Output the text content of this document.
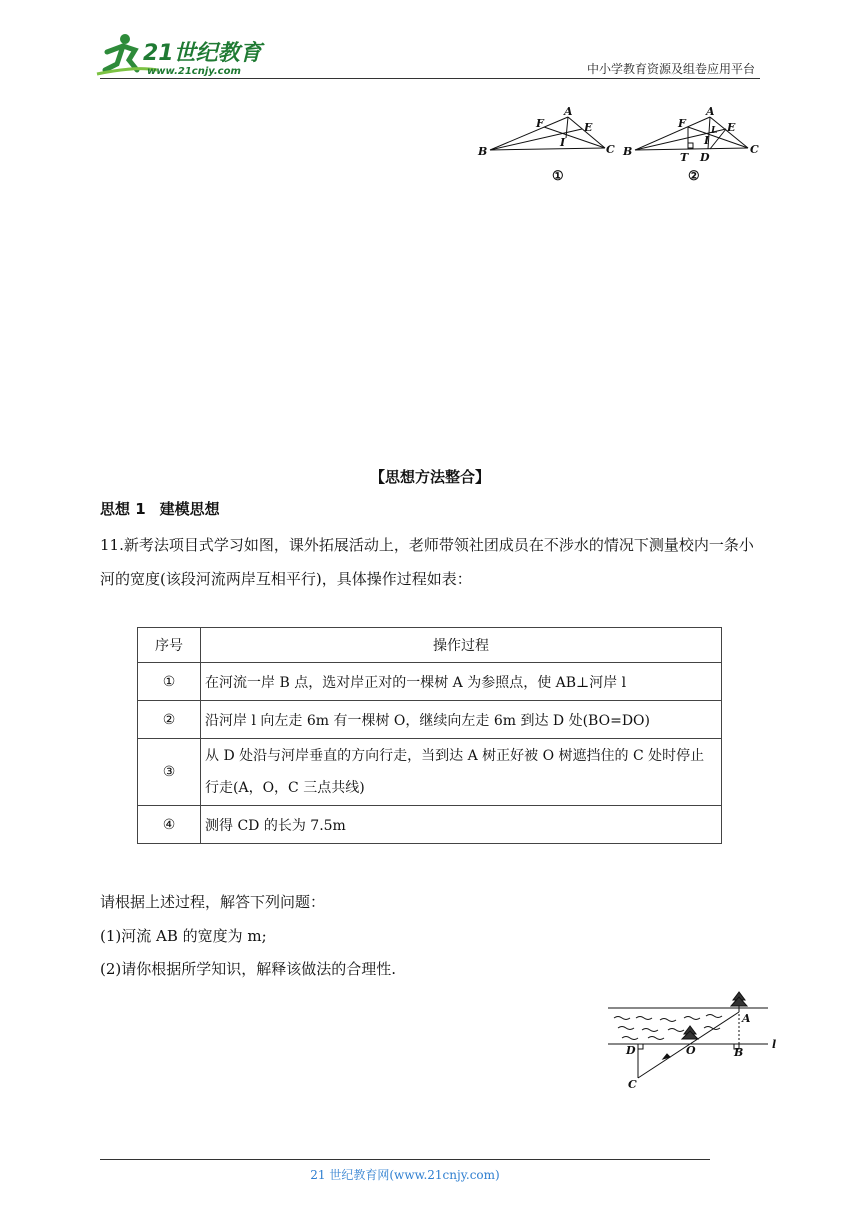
21世纪教育
www.21cnjy.com	中小学教育资源及组卷应用平台
A
F	E
B
I
C
①
A
F	E
B
L
I
T D
C
②
【思想方法整合】
思想 1 建模思想
11.新考法项目式学习如图，课外拓展活动上，老师带领社团成员在不涉水的情况下测量校内一条小河的宽度(该段河流两岸互相平行)，具体操作过程如表：
序号	操作过程
①	在河流一岸 B 点，选对岸正对的一棵树 A 为参照点，使 AB⊥河岸 l
②	沿河岸 l 向左走 6m 有一棵树 O，继续向左走 6m 到达 D 处(BO=DO)
③	从 D 处沿与河岸垂直的方向行走，当到达 A 树正好被 O 树遮挡住的 C 处时停止行走(A，O，C 三点共线)
④	测得 CD 的长为 7.5m
请根据上述过程，解答下列问题：
(1)河流 AB 的宽度为 m;
(2)请你根据所学知识，解释该做法的合理性.
A
D	O	B
l
C
21 世纪教育网(www.21cnjy.com)
